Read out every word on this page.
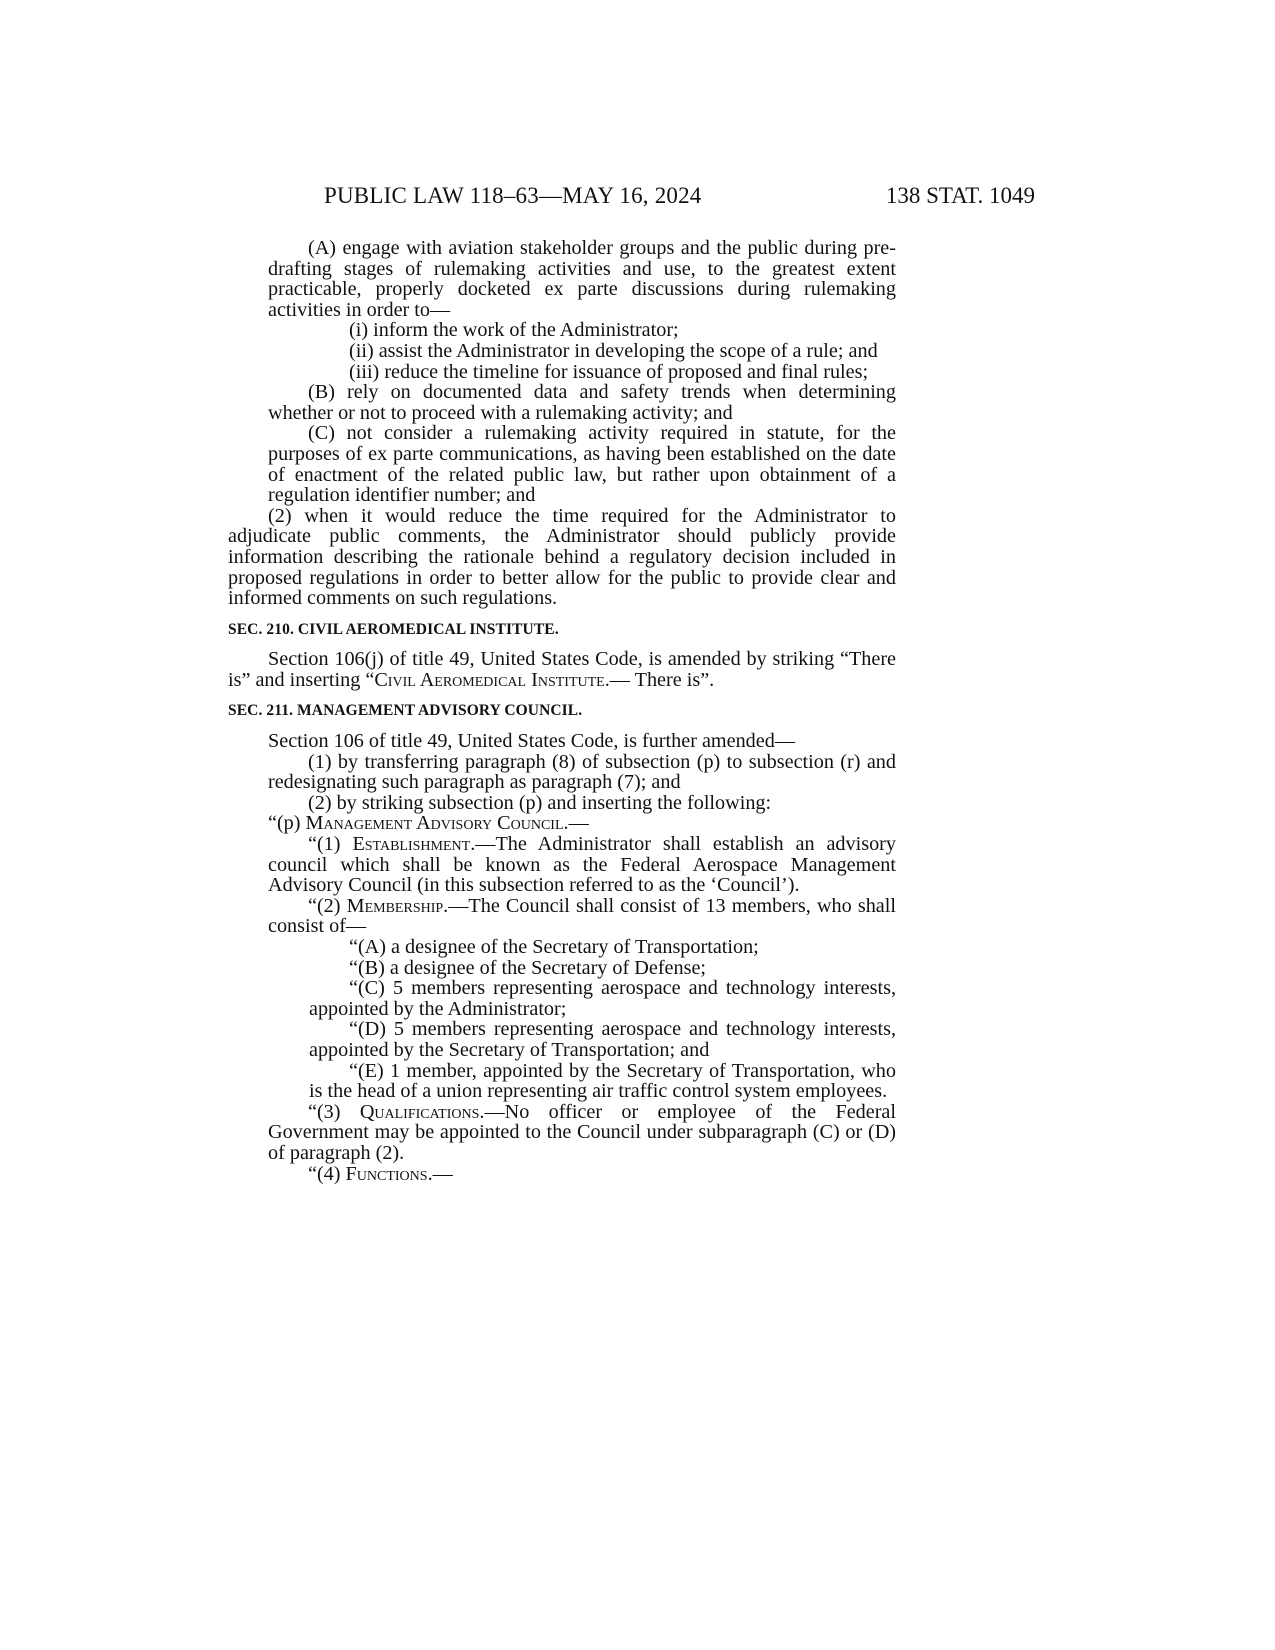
PUBLIC LAW 118–63—MAY 16, 2024	138 STAT. 1049

(A) engage with aviation stakeholder groups and the public during pre-drafting stages of rulemaking activities and use, to the greatest extent practicable, properly docketed ex parte discussions during rulemaking activities in order to—

(i) inform the work of the Administrator;

(ii) assist the Administrator in developing the scope of a rule; and

(iii) reduce the timeline for issuance of proposed and final rules;

(B) rely on documented data and safety trends when determining whether or not to proceed with a rulemaking activity; and

(C) not consider a rulemaking activity required in statute, for the purposes of ex parte communications, as having been established on the date of enactment of the related public law, but rather upon obtainment of a regulation identifier number; and

(2) when it would reduce the time required for the Administrator to adjudicate public comments, the Administrator should publicly provide information describing the rationale behind a regulatory decision included in proposed regulations in order to better allow for the public to provide clear and informed comments on such regulations.

SEC. 210. CIVIL AEROMEDICAL INSTITUTE.

Section 106(j) of title 49, United States Code, is amended by striking “There is” and inserting “Civil Aeromedical Institute.— There is”.

SEC. 211. MANAGEMENT ADVISORY COUNCIL.

Section 106 of title 49, United States Code, is further amended—

(1) by transferring paragraph (8) of subsection (p) to subsection (r) and redesignating such paragraph as paragraph (7); and

(2) by striking subsection (p) and inserting the following:

“(p) Management Advisory Council.—

“(1) Establishment.—The Administrator shall establish an advisory council which shall be known as the Federal Aerospace Management Advisory Council (in this subsection referred to as the ‘Council’).

“(2) Membership.—The Council shall consist of 13 members, who shall consist of—

“(A) a designee of the Secretary of Transportation;

“(B) a designee of the Secretary of Defense;

“(C) 5 members representing aerospace and technology interests, appointed by the Administrator;

“(D) 5 members representing aerospace and technology interests, appointed by the Secretary of Transportation; and

“(E) 1 member, appointed by the Secretary of Transportation, who is the head of a union representing air traffic control system employees.

“(3) Qualifications.—No officer or employee of the Federal Government may be appointed to the Council under subparagraph (C) or (D) of paragraph (2).

“(4) Functions.—
